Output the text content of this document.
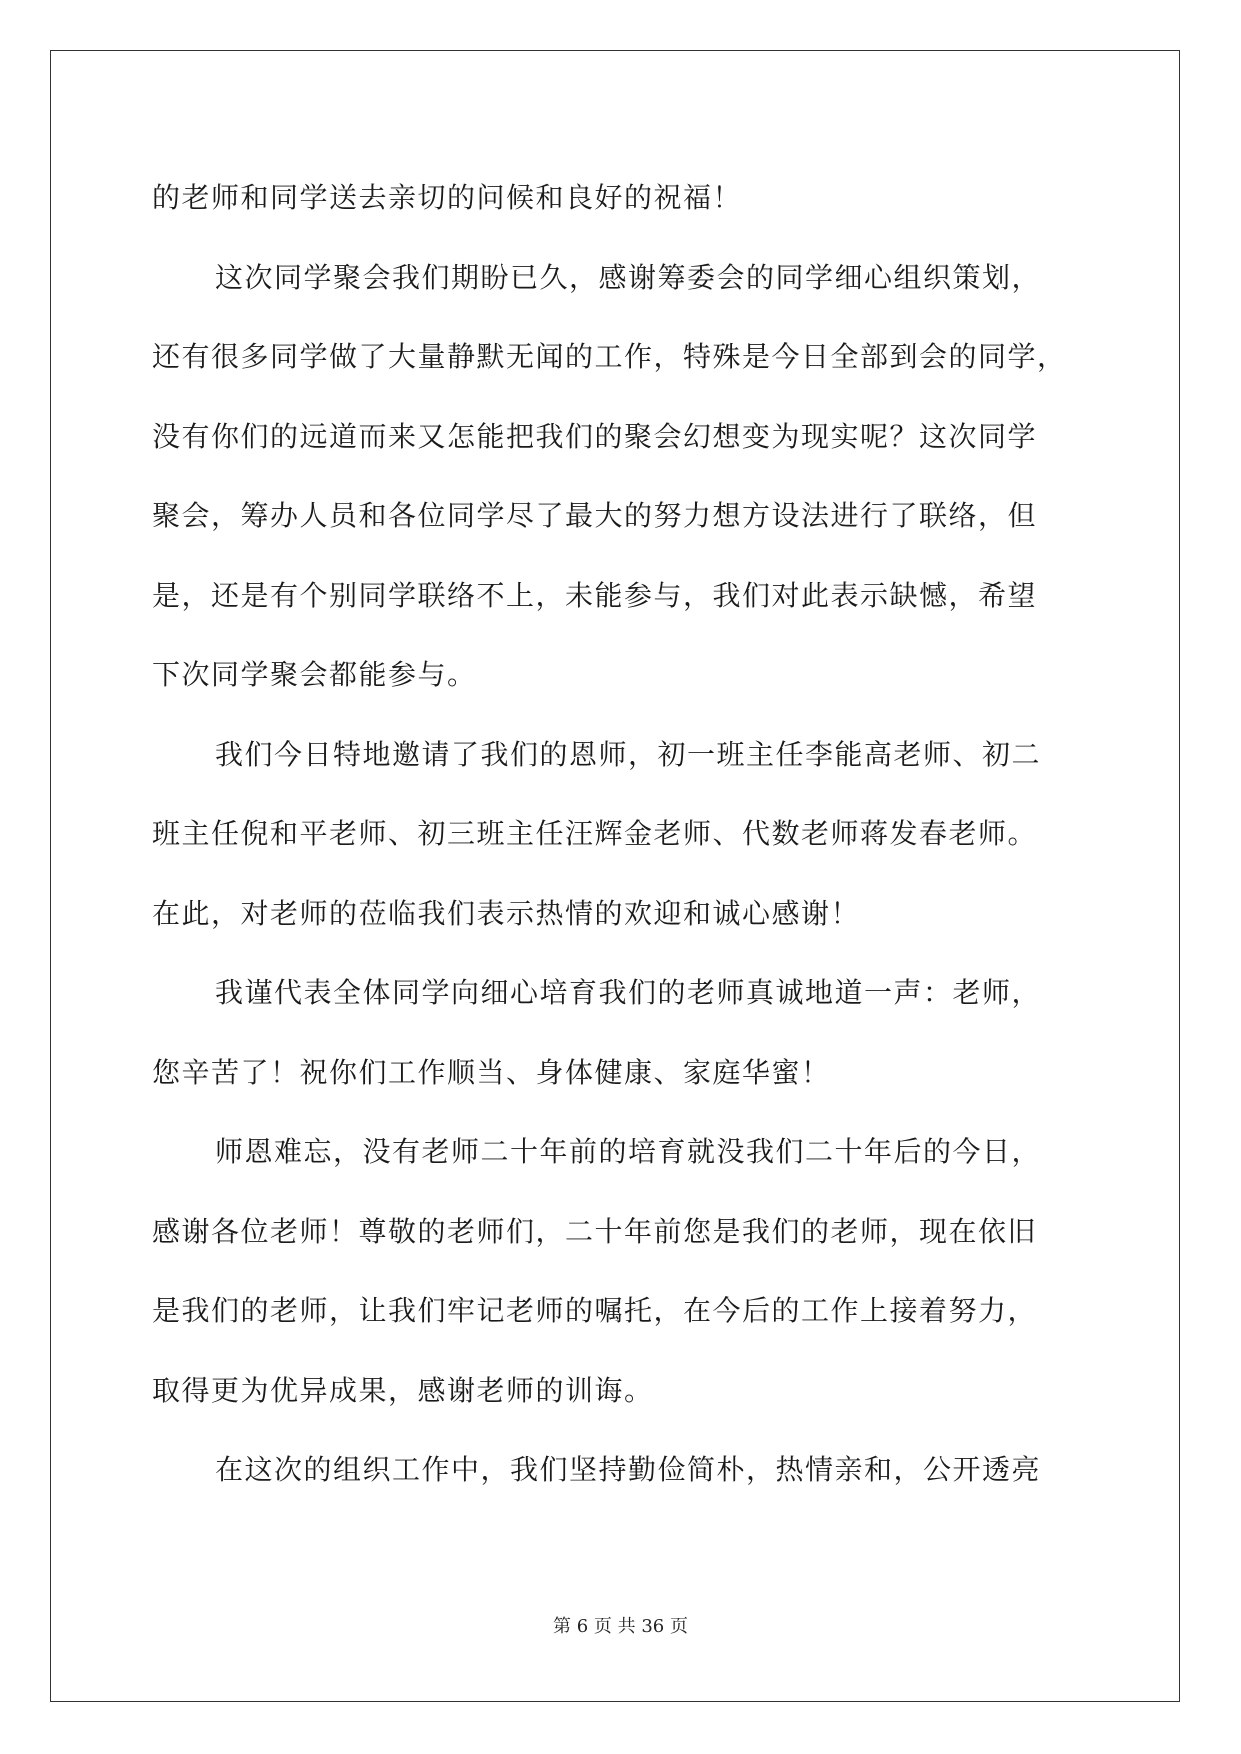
的老师和同学送去亲切的问候和良好的祝福！
这次同学聚会我们期盼已久，感谢筹委会的同学细心组织策划，
还有很多同学做了大量静默无闻的工作，特殊是今日全部到会的同学，
没有你们的远道而来又怎能把我们的聚会幻想变为现实呢？这次同学
聚会，筹办人员和各位同学尽了最大的努力想方设法进行了联络，但
是，还是有个别同学联络不上，未能参与，我们对此表示缺憾，希望
下次同学聚会都能参与。
我们今日特地邀请了我们的恩师，初一班主任李能高老师、初二
班主任倪和平老师、初三班主任汪辉金老师、代数老师蒋发春老师。
在此，对老师的莅临我们表示热情的欢迎和诚心感谢！
我谨代表全体同学向细心培育我们的老师真诚地道一声：老师，
您辛苦了！祝你们工作顺当、身体健康、家庭华蜜！
师恩难忘，没有老师二十年前的培育就没我们二十年后的今日，
感谢各位老师！尊敬的老师们，二十年前您是我们的老师，现在依旧
是我们的老师，让我们牢记老师的嘱托，在今后的工作上接着努力，
取得更为优异成果，感谢老师的训诲。
在这次的组织工作中，我们坚持勤俭简朴，热情亲和，公开透亮
第 6 页 共 36 页
